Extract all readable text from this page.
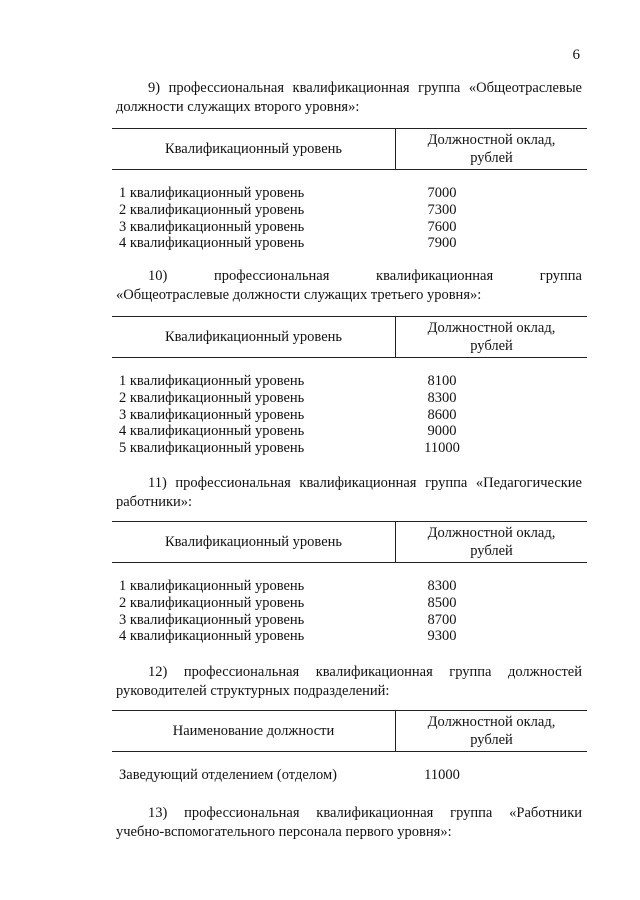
6
9) профессиональная квалификационная группа «Общеотраслевые
должности служащих второго уровня»:
Квалификационный уровень
Должностной оклад,
рублей
1 квалификационный уровень	7000
2 квалификационный уровень	7300
3 квалификационный уровень	7600
4 квалификационный уровень	7900
10) профессиональная квалификационная группа
«Общеотраслевые должности служащих третьего уровня»:
Квалификационный уровень
Должностной оклад,
рублей
1 квалификационный уровень	8100
2 квалификационный уровень	8300
3 квалификационный уровень	8600
4 квалификационный уровень	9000
5 квалификационный уровень	11000
11) профессиональная квалификационная группа «Педагогические
работники»:
Квалификационный уровень
Должностной оклад,
рублей
1 квалификационный уровень	8300
2 квалификационный уровень	8500
3 квалификационный уровень	8700
4 квалификационный уровень	9300
12) профессиональная квалификационная группа должностей
руководителей структурных подразделений:
Наименование должности
Должностной оклад,
рублей
Заведующий отделением (отделом)	11000
13) профессиональная квалификационная группа «Работники
учебно-вспомогательного персонала первого уровня»:
